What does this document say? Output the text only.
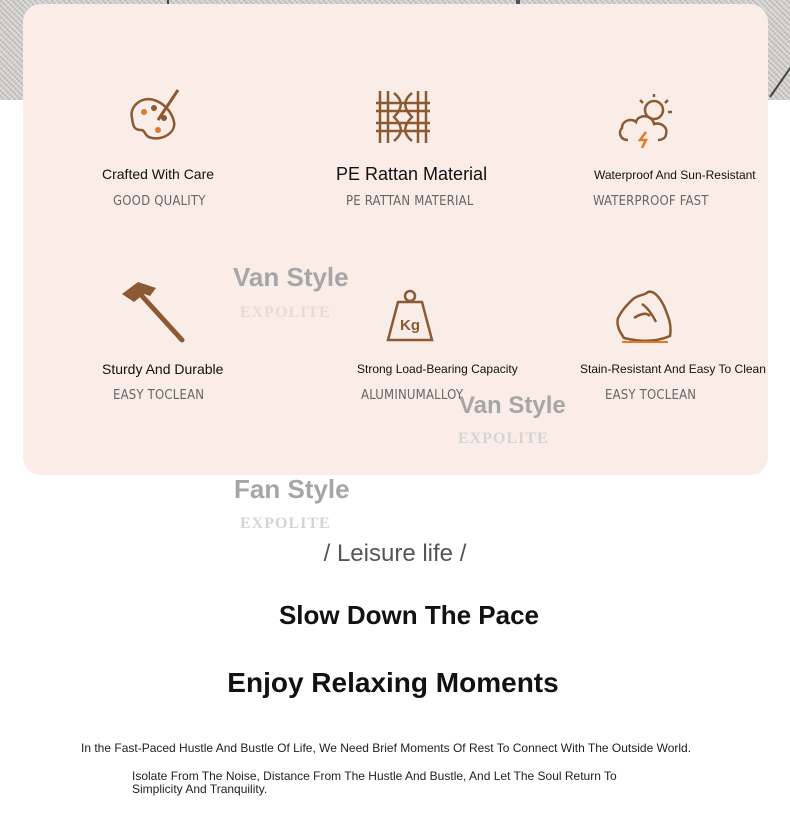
Van Style
EXPOLITE
Van Style
EXPOLITE
Fan Style
EXPOLITE
Crafted With Care
GOOD QUALITY
PE Rattan Material
PE RATTAN MATERIAL
Waterproof And Sun-Resistant
WATERPROOF FAST
Sturdy And Durable
EASY TOCLEAN
Kg
Strong Load-Bearing Capacity
ALUMINUMALLOY
Stain-Resistant And Easy To Clean
EASY TOCLEAN
/ Leisure life /
Slow Down The Pace
Enjoy Relaxing Moments
In the Fast-Paced Hustle And Bustle Of Life, We Need Brief Moments Of Rest To Connect With The Outside World.
Isolate From The Noise, Distance From The Hustle And Bustle, And Let The Soul Return To Simplicity And Tranquility.
